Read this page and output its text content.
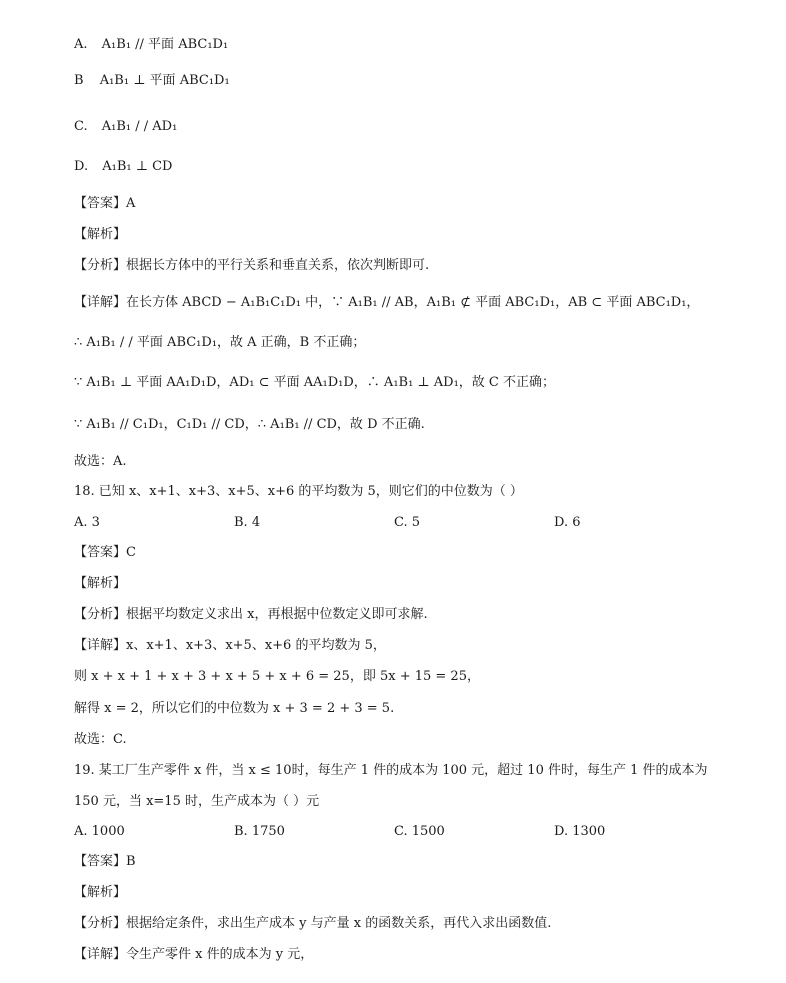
A. A₁B₁ // 平面 ABC₁D₁
B A₁B₁ ⊥ 平面 ABC₁D₁
C. A₁B₁ / / AD₁
D. A₁B₁ ⊥ CD
【答案】A
【解析】
【分析】根据长方体中的平行关系和垂直关系，依次判断即可.
【详解】在长方体 ABCD − A₁B₁C₁D₁ 中，∵ A₁B₁ // AB，A₁B₁ ⊄ 平面 ABC₁D₁，AB ⊂ 平面 ABC₁D₁，
∴ A₁B₁ / / 平面 ABC₁D₁，故 A 正确，B 不正确；
∵ A₁B₁ ⊥ 平面 AA₁D₁D，AD₁ ⊂ 平面 AA₁D₁D，∴ A₁B₁ ⊥ AD₁，故 C 不正确；
∵ A₁B₁ // C₁D₁，C₁D₁ // CD，∴ A₁B₁ // CD，故 D 不正确.
故选：A.
18. 已知 x、x+1、x+3、x+5、x+6 的平均数为 5，则它们的中位数为（ ）
A. 3	B. 4	C. 5	D. 6
【答案】C
【解析】
【分析】根据平均数定义求出 x，再根据中位数定义即可求解.
【详解】x、x+1、x+3、x+5、x+6 的平均数为 5，
则 x + x + 1 + x + 3 + x + 5 + x + 6 = 25，即 5x + 15 = 25，
解得 x = 2，所以它们的中位数为 x + 3 = 2 + 3 = 5.
故选：C.
19. 某工厂生产零件 x 件，当 x ≤ 10时，每生产 1 件的成本为 100 元，超过 10 件时，每生产 1 件的成本为
150 元，当 x=15 时，生产成本为（ ）元
A. 1000	B. 1750	C. 1500	D. 1300
【答案】B
【解析】
【分析】根据给定条件，求出生产成本 y 与产量 x 的函数关系，再代入求出函数值.
【详解】令生产零件 x 件的成本为 y 元，
